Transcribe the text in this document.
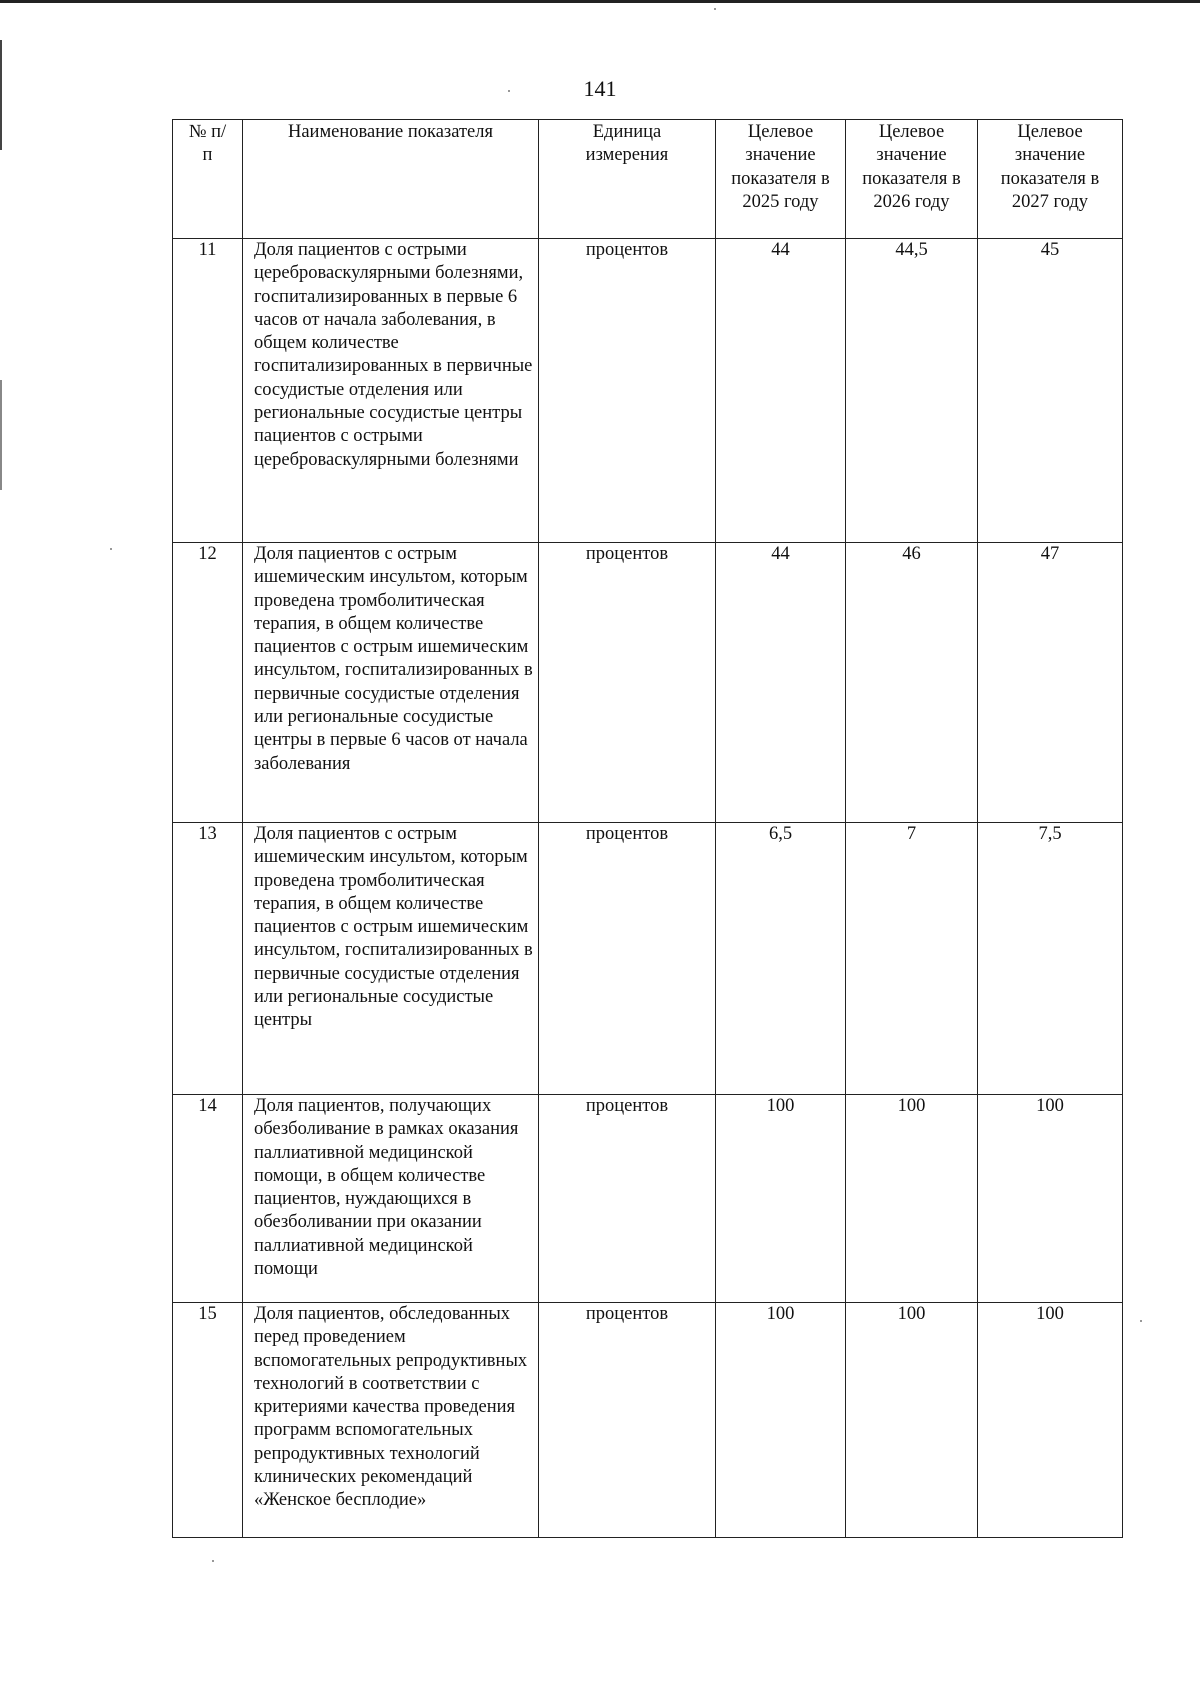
141
№ п/п	Наименование показателя	Единица измерения	Целевое значение показателя в 2025 году	Целевое значение показателя в 2026 году	Целевое значение показателя в 2027 году

11	Доля пациентов с острыми цереброваскулярными болезнями, госпитализированных в первые 6 часов от начала заболевания, в общем количестве госпитализированных в первичные сосудистые отделения или региональные сосудистые центры пациентов с острыми цереброваскулярными болезнями	процентов	44	44,5	45
12	Доля пациентов с острым ишемическим инсультом, которым проведена тромболитическая терапия, в общем количестве пациентов с острым ишемическим инсультом, госпитализированных в первичные сосудистые отделения или региональные сосудистые центры в первые 6 часов от начала заболевания	процентов	44	46	47
13	Доля пациентов с острым ишемическим инсультом, которым проведена тромболитическая терапия, в общем количестве пациентов с острым ишемическим инсультом, госпитализированных в первичные сосудистые отделения или региональные сосудистые центры	процентов	6,5	7	7,5
14	Доля пациентов, получающих обезболивание в рамках оказания паллиативной медицинской помощи, в общем количестве пациентов, нуждающихся в обезболивании при оказании паллиативной медицинской помощи	процентов	100	100	100
15	Доля пациентов, обследованных перед проведением вспомогательных репродуктивных технологий в соответствии с критериями качества проведения программ вспомогательных репродуктивных технологий клинических рекомендаций «Женское бесплодие»	процентов	100	100	100
